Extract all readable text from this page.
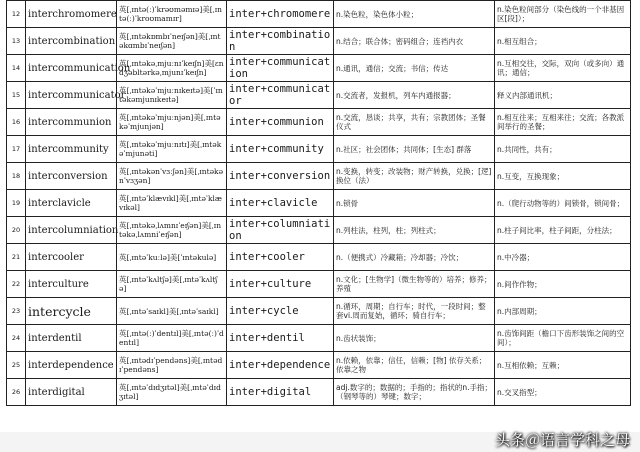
12	interchromomere	英[ˌɪntə(ː)ˈkrəʊməmɪə]美[ˌɪntə(ː)ˈkroʊmamɪr]	inter+chromomere	n.染色粒，染色体小粒；	n.染色粒间部分（染色线的一个非基因区[段]）；
13	intercombination	英[ˌɪntəkɒmbɪˈneɪʃən]美[ˌɪntəkɑmbɪˈneɪʃən]	inter+combination	n.结合；联合体；密码组合；连裆内衣	n.相互组合；
14	intercommunication	英[ˌɪntəkəˌmjuːnɪˈkeɪʃn]美[ɛndʒəbltərkəˌmjunɪˈkeɪʃn]	inter+communication	n.通讯，通信；交流；书信；传达	n.互相交往，交际，双向（或多向）通讯；通信；
15	intercommunicator	英[ˌɪntəkəˈmjuːnɪkeɪtə]美[ˈɪntəkəmjunɪkeɪtə]	inter+communicator	n.交流者，发报机，列车内通报器；	释义内部通讯机；
16	intercommunion	英[ˌɪntəkəˈmjuːnjən]美[ˌɪntəkəˈmjunjən]	inter+communion	n.交流，恳谈；共享，共有；宗教团体；圣餐仪式	n.相互往来；互相来往；交流；各教派间举行的圣餐；
17	intercommunity	英[ˌɪntəkəˈmjuːnɪtɪ]美[ˌɪntəkəˈmjunəti]	inter+community	n.社区；社会团体；共同体；[生态] 群落	n.共同性，共有；
18	interconversion	英[ˌɪntəkənˈvɜːʃən]美[ˌɪntəkənˈvɜʒən]	inter+conversion	n.变换，转变；改装物；财产转换，兑换；[逻] 换位（法）	n.互变，互换现象；
19	interclavicle	英[ˌɪntəˈklævɪkl]美[ˌɪntəˈklævɪkəl]	inter+clavicle	n.锁骨	n.（爬行动物等的）间锁骨，锁间骨；
20	intercolumniation	英[ˌɪntəkəˌlʌmnɪˈeɪʃən]美[ˌɪntəkəˌlʌmniˈeɪʃən]	inter+columniation	n.列柱法，柱列，柱；列柱式；	n.柱子间比率，柱子间距，分柱法；
21	intercooler	英[ˌɪntəˈkuːlə]美[ˈɪntəkulə]	inter+cooler	n.（便携式）冷藏箱；冷却器；冷饮；	n.中冷器；
22	interculture	英[ˌɪntəˈkʌltʃə]美[ˌɪntəˈkʌltʃə]	inter+culture	n.文化；[生物学]（微生物等的）培养；修养；养殖	n.间作作物；
23	intercycle	英[ˌɪntəˈsaɪkl]美[ˌɪntəˈsaɪkl]	inter+cycle	n.循环，周期；自行车；时代，一段时间；整套vi.周而复始，循环；骑自行车；	n.内部周期；
24	interdentil	英[ˌɪntə(ː)ˈdentɪl]美[ˌɪntə(ː)ˈdentɪl]	inter+dentil	n.齿状装饰；	n.齿饰间距（檐口下齿形装饰之间的空间）；
25	interdependence	英[ˌɪntədɪˈpendəns]美[ˌɪntədɪˈpendəns]	inter+dependence	n.依赖，依靠；信任，信赖；[物] 依存关系；依靠之物	n.互相依赖；互赖；
26	interdigital	英[ˌɪntəˈdɪdʒɪtəl]美[ˌɪntəˈdɪdʒɪtəl]	inter+digital	adj.数字的；数据的；手指的；指状的n.手指；（钢琴等的）琴键；数字；	n.交叉指型；
头条＠语言学科之母
